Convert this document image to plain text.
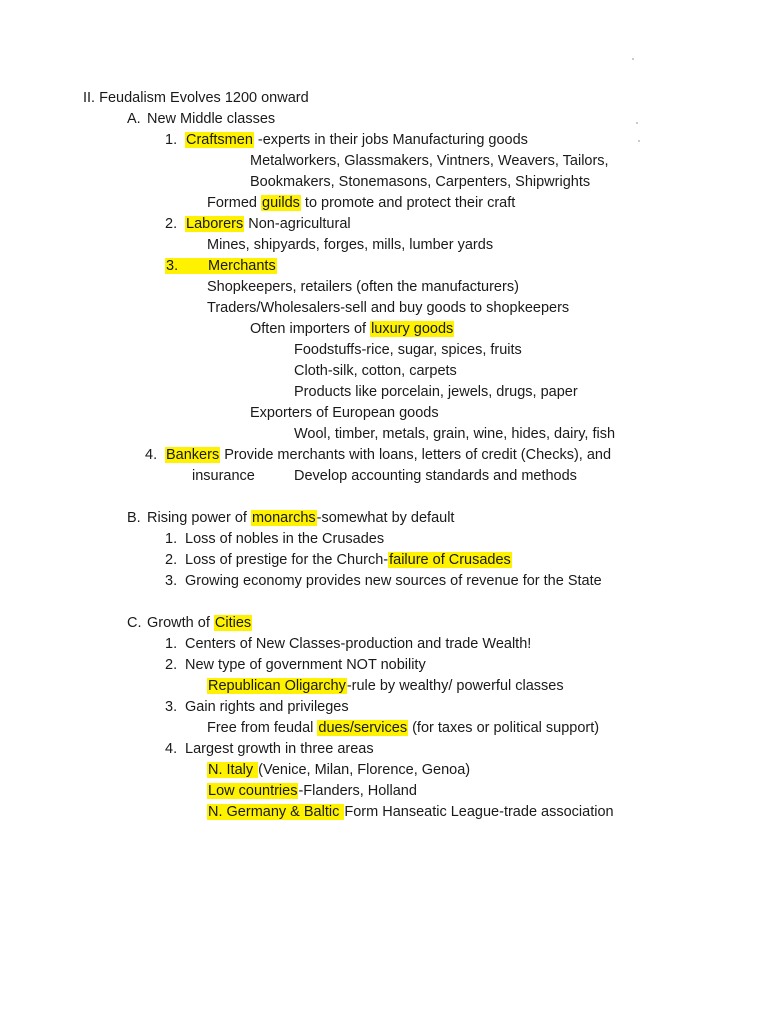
II. Feudalism Evolves 1200 onward
A. New Middle classes
1. Craftsmen -experts in their jobs Manufacturing goods
Metalworkers, Glassmakers, Vintners, Weavers, Tailors,
Bookmakers, Stonemasons, Carpenters, Shipwrights
Formed guilds to promote and protect their craft
2. Laborers Non-agricultural
Mines, shipyards, forges, mills, lumber yards
3. Merchants
Shopkeepers, retailers (often the manufacturers)
Traders/Wholesalers-sell and buy goods to shopkeepers
Often importers of luxury goods
Foodstuffs-rice, sugar, spices, fruits
Cloth-silk, cotton, carpets
Products like porcelain, jewels, drugs, paper
Exporters of European goods
Wool, timber, metals, grain, wine, hides, dairy, fish
4. Bankers Provide merchants with loans, letters of credit (Checks), and
insurance	Develop accounting standards and methods
B. Rising power of monarchs-somewhat by default
1. Loss of nobles in the Crusades
2. Loss of prestige for the Church-failure of Crusades
3. Growing economy provides new sources of revenue for the State
C. Growth of Cities
1. Centers of New Classes-production and trade Wealth!
2. New type of government NOT nobility
Republican Oligarchy-rule by wealthy/ powerful classes
3. Gain rights and privileges
Free from feudal dues/services (for taxes or political support)
4. Largest growth in three areas
N. Italy (Venice, Milan, Florence, Genoa)
Low countries-Flanders, Holland
N. Germany & Baltic Form Hanseatic League-trade association
